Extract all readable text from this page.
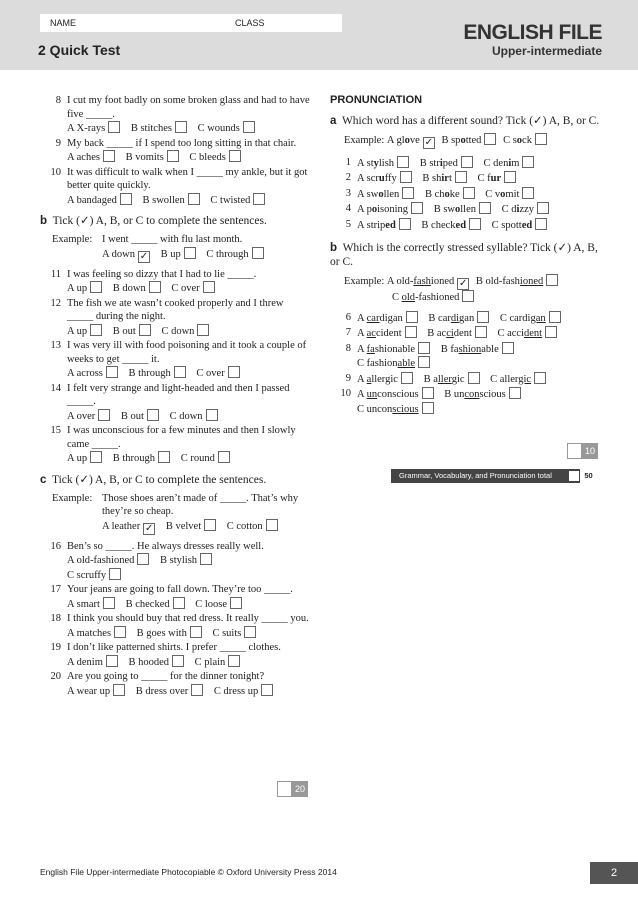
NAME	CLASS
2 Quick Test
ENGLISH FILE
Upper-intermediate
8 I cut my foot badly on some broken glass and had to have five _____.
A X-rays B stitches C wounds
9 My back _____ if I spend too long sitting in that chair.
A aches B vomits C bleeds
10 It was difficult to walk when I _____ my ankle, but it got better quite quickly.
A bandaged B swollen C twisted
b Tick (✓) A, B, or C to complete the sentences.
Example: I went _____ with flu last month.
A down ✓ B up C through
11 I was feeling so dizzy that I had to lie _____.
A up B down C over
12 The fish we ate wasn’t cooked properly and I threw _____ during the night.
A up B out C down
13 I was very ill with food poisoning and it took a couple of weeks to get _____ it.
A across B through C over
14 I felt very strange and light-headed and then I passed _____.
A over B out C down
15 I was unconscious for a few minutes and then I slowly came _____.
A up B through C round
c Tick (✓) A, B, or C to complete the sentences.
Example: Those shoes aren’t made of _____. That’s why they’re so cheap.
A leather ✓ B velvet C cotton
16 Ben’s so _____. He always dresses really well.
A old-fashioned B stylish
C scruffy
17 Your jeans are going to fall down. They’re too _____.
A smart B checked C loose
18 I think you should buy that red dress. It really _____ you.
A matches B goes with C suits
19 I don’t like patterned shirts. I prefer _____ clothes.
A denim B hooded C plain
20 Are you going to _____ for the dinner tonight?
A wear up B dress over C dress up
20
PRONUNCIATION
a Which word has a different sound? Tick (✓) A, B, or C.
Example: A glove ✓ B spotted C sock
1 A stylish B striped C denim
2 A scruffy B shirt C fur
3 A swollen B choke C vomit
4 A poisoning B swollen C dizzy
5 A striped B checked C spotted
b Which is the correctly stressed syllable? Tick (✓) A, B, or C.
Example: A old-fashioned ✓ B old-fashioned
C old-fashioned
6 A cardigan B cardigan C cardigan
7 A accident B accident C accident
8 A fashionable B fashionable
C fashionable
9 A allergic B allergic C allergic
10 A unconscious B unconscious
C unconscious
10
Grammar, Vocabulary, and Pronunciation total	50
English File Upper-intermediate Photocopiable © Oxford University Press 2014	2
